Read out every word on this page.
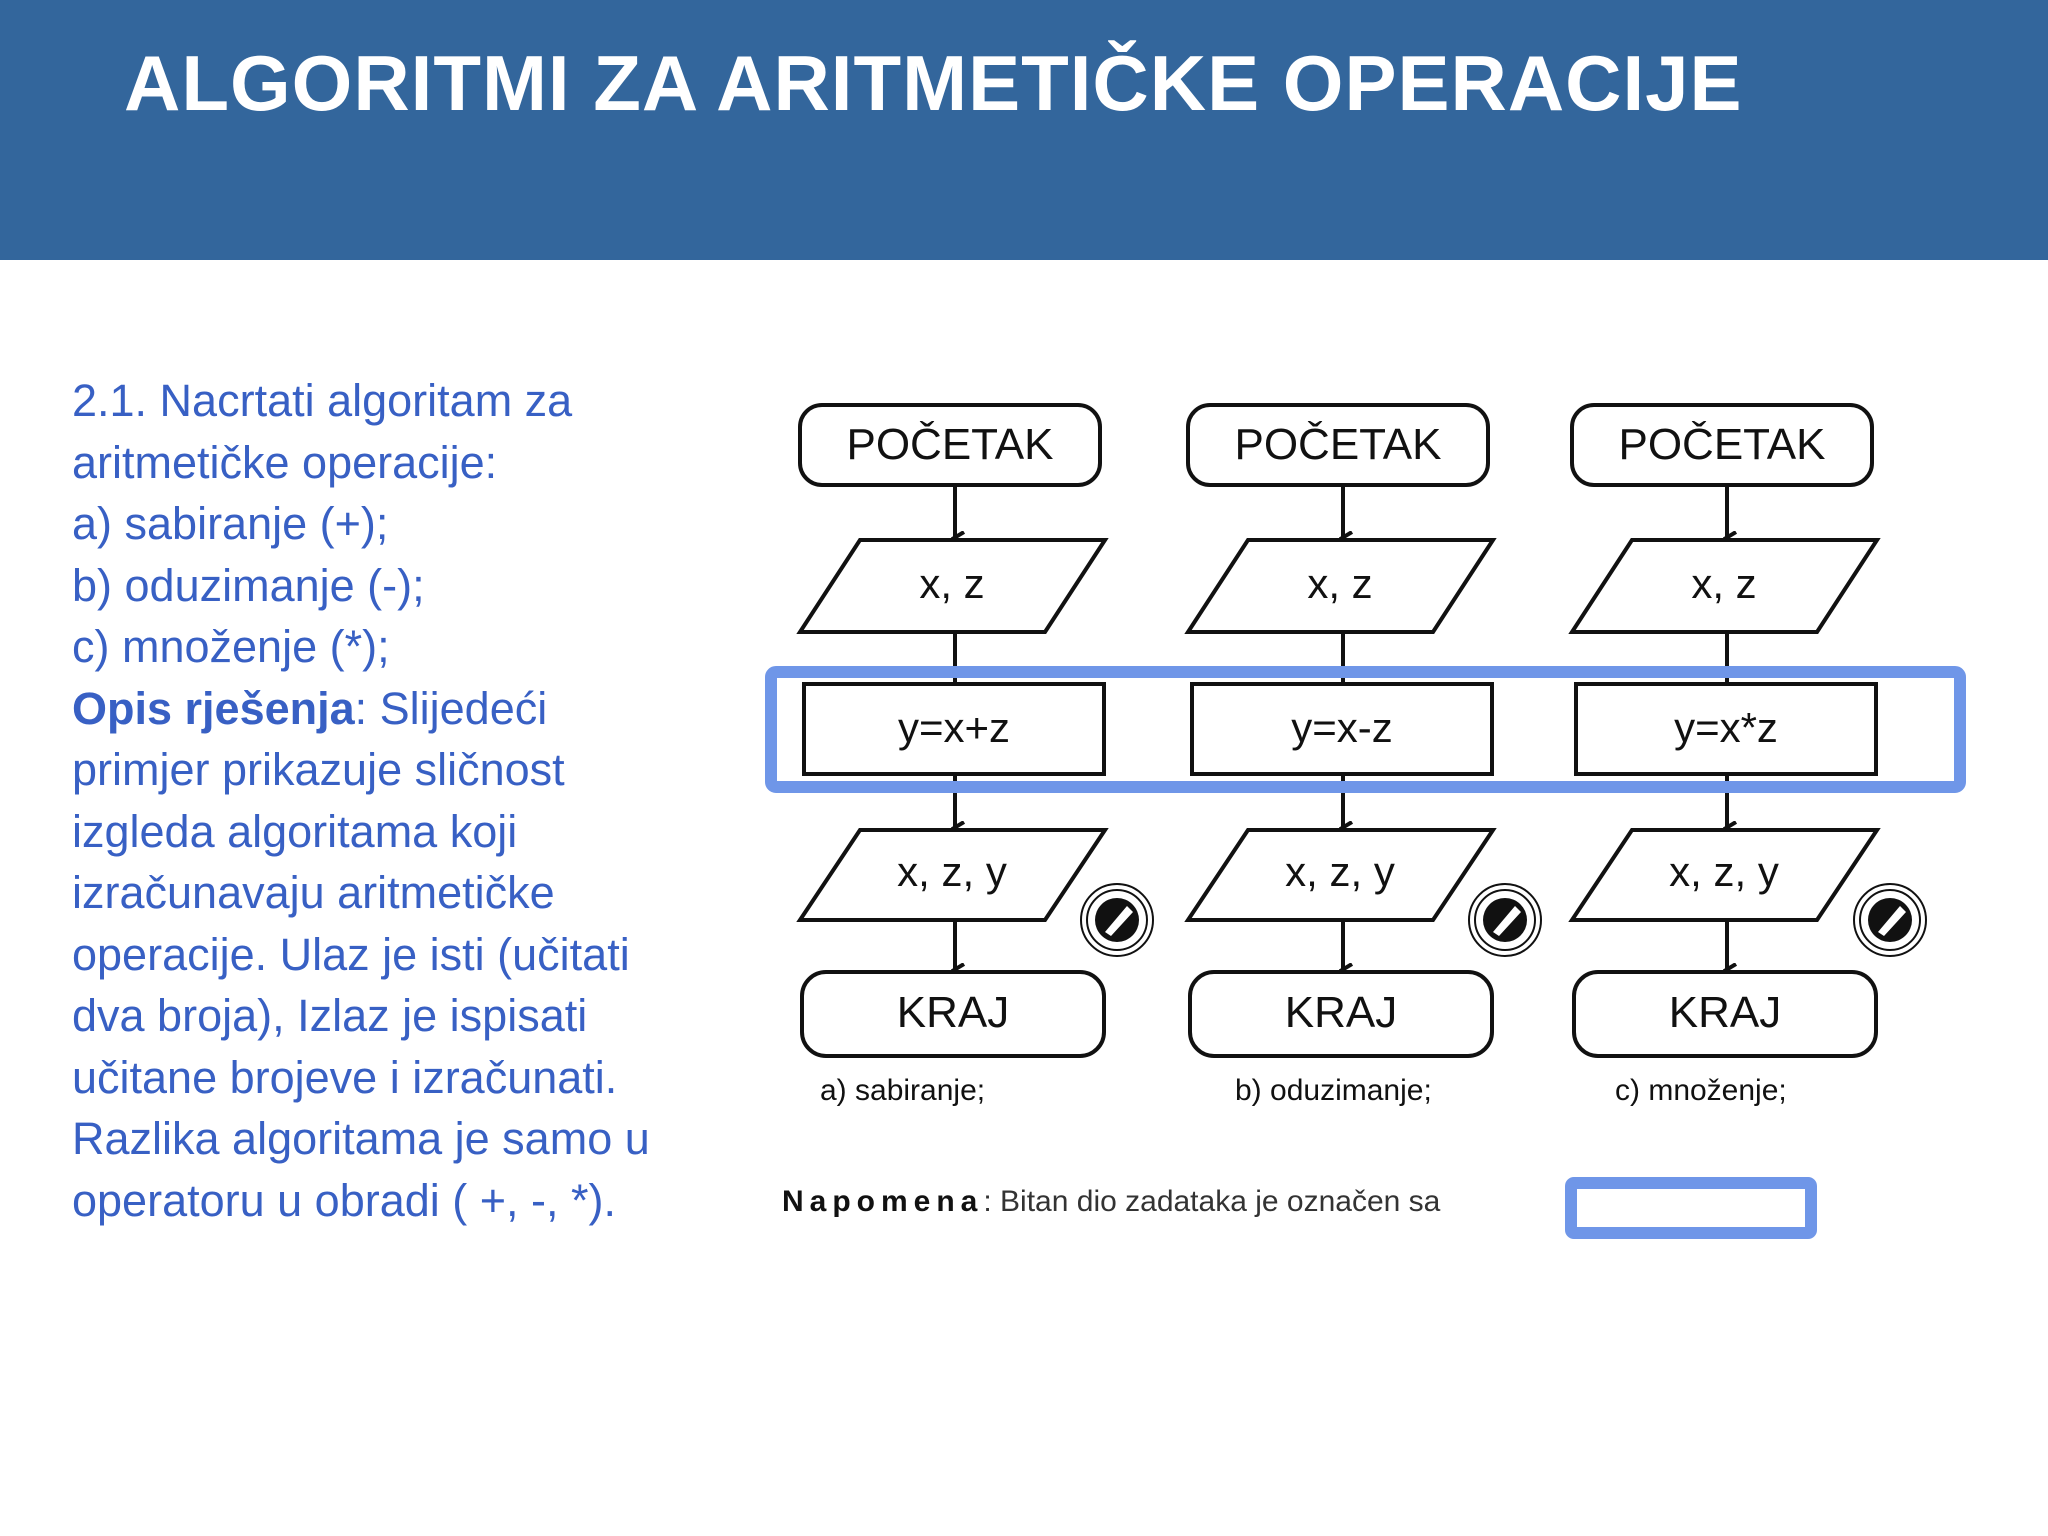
ALGORITMI ZA ARITMETIČKE OPERACIJE
2.1. Nacrtati algoritam za
aritmetičke operacije:
a) sabiranje (+);
b) oduzimanje (-);
c) množenje (*);
Opis rješenja: Slijedeći
primjer prikazuje sličnost
izgleda algoritama koji
izračunavaju aritmetičke
operacije. Ulaz je isti (učitati
dva broja), Izlaz je ispisati
učitane brojeve i izračunati.
Razlika algoritama je samo u
operatoru u obradi ( +, -, *).
POČETAK
x, z
y=x+z
x, z, y
KRAJ
a) sabiranje;
POČETAK
x, z
y=x-z
x, z, y
KRAJ
b) oduzimanje;
POČETAK
x, z
y=x*z
x, z, y
KRAJ
c) množenje;
Napomena: Bitan dio zadataka je označen sa
